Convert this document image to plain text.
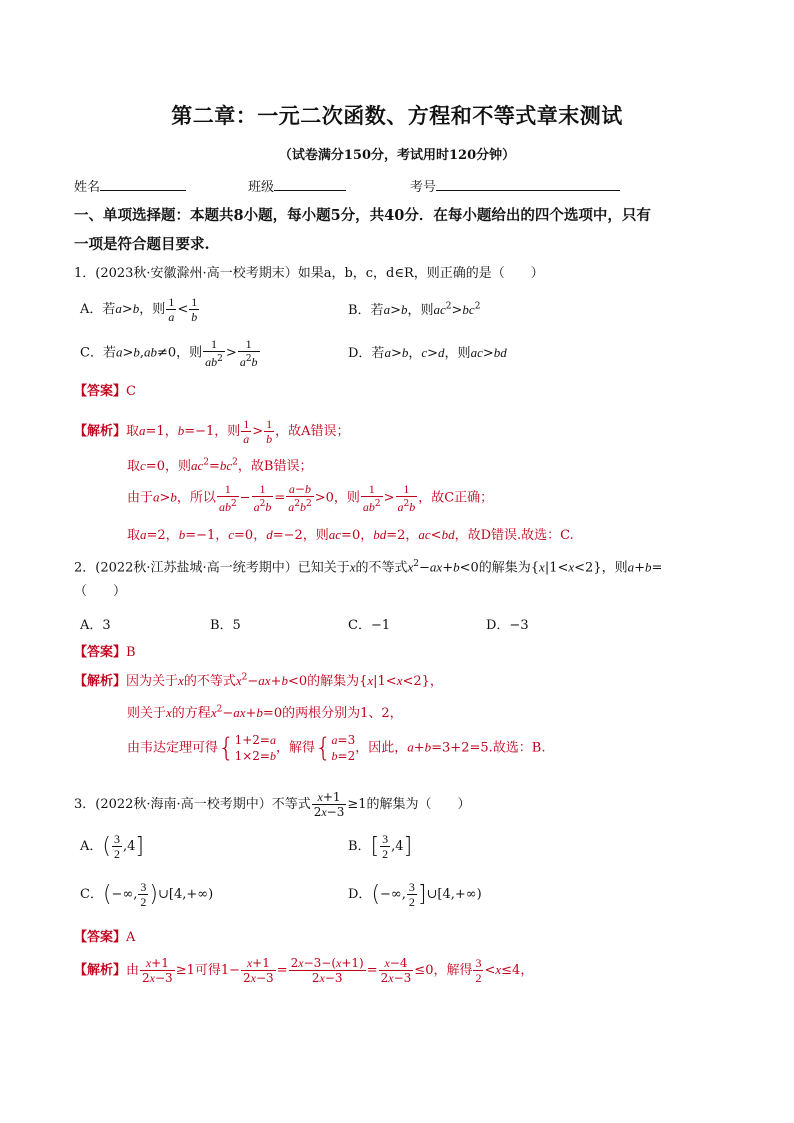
第二章：一元二次函数、方程和不等式章末测试
（试卷满分150分，考试用时120分钟）
姓名	班级	考号
一、单项选择题：本题共8小题，每小题5分，共40分．在每小题给出的四个选项中，只有
一项是符合题目要求.
1．(2023秋·安徽滁州·高一校考期末）如果a，b，c，d∈R，则正确的是（　　）
A．若a>b，则 $\frac{1}{a} < \frac{1}{b}$	B．若a>b，则$ac^2>bc^2$
C．若a>b,ab≠0，则 $\frac{1}{ab^2} > \frac{1}{a^2b}$	D．若a>b，c>d，则ac>bd
【答案】C
【解析】取a=1，b=−1，则 $\frac{1}{a} > \frac{1}{b}$ ，故A错误；
取c=0，则$ac^2=bc^2$，故B错误；
由于a>b，所以 $\frac{1}{ab^2} - \frac{1}{a^2b} = \frac{a-b}{a^2b^2} >0$，则 $\frac{1}{ab^2} > \frac{1}{a^2b}$ ，故C正确；
取a=2，b=−1，c=0，d=−2，则ac=0，bd=2，ac<bd，故D错误.故选：C.
2．(2022秋·江苏盐城·高一统考期中）已知关于x的不等式$x^2-ax+b<0$的解集为{x|1<x<2}，则a+b=
（　　）
A．3	B．5	C．−1	D．−3
【答案】B
【解析】因为关于x的不等式$x^2-ax+b<0$的解集为{x|1<x<2}，
则关于x的方程$x^2-ax+b=0$的两根分别为1、2，
由韦达定理可得{ 1+2=a
1×2=b
，解得{ a=3
b=2
，因此，a+b=3+2=5.故选：B.
3．(2022秋·海南·高一校考期中）不等式 $\frac{x+1}{2x-3} \ge 1$的解集为（　　）
A．( $\frac{3}{2} ,4$]	B．[ $\frac{3}{2} ,4$]
C．(−∞, $\frac{3}{2}$ )∪[4,+∞)	D．(−∞, $\frac{3}{2}$ ]∪[4,+∞)
【答案】A
【解析】由 $\frac{x+1}{2x-3} \ge 1$可得$1- \frac{x+1}{2x-3} = \frac{2x-3-(x+1)}{2x-3} = \frac{x-4}{2x-3} \le 0$，解得 $\frac{3}{2} <x\le 4$，
